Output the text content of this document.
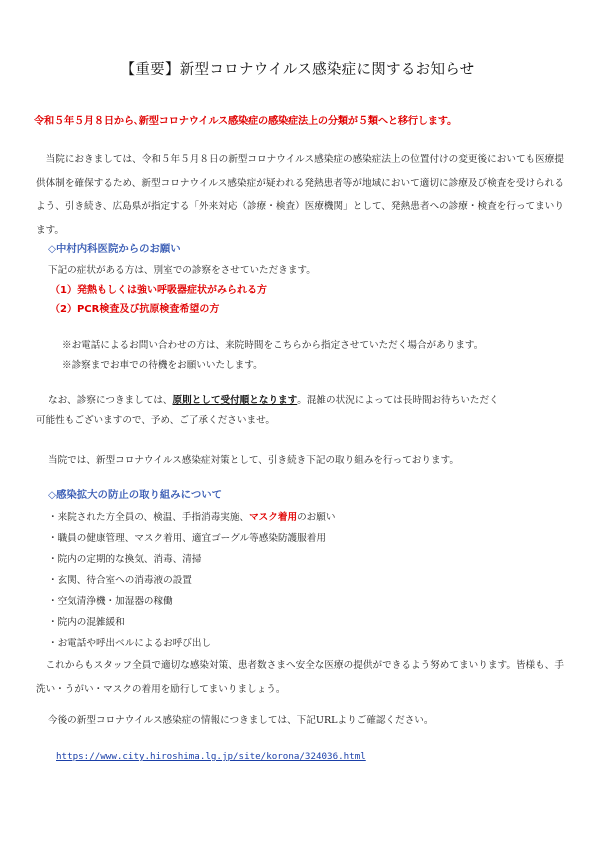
【重要】新型コロナウイルス感染症に関するお知らせ
令和５年５月８日から､新型コロナウイルス感染症の感染症法上の分類が５類へと移行します。
当院におきましては、令和５年５月８日の新型コロナウイルス感染症の感染症法上の位置付けの変更後においても医療提供体制を確保するため、新型コロナウイルス感染症が疑われる発熱患者等が地域において適切に診療及び検査を受けられるよう、引き続き、広島県が指定する「外来対応（診療・検査）医療機関」として、発熱患者への診療・検査を行ってまいります。
◇中村内科医院からのお願い
下記の症状がある方は、別室での診察をさせていただきます。
（1）発熱もしくは強い呼吸器症状がみられる方
（2）PCR検査及び抗原検査希望の方
※お電話によるお問い合わせの方は、来院時間をこちらから指定させていただく場合があります。
※診察までお車での待機をお願いいたします。
なお、診察につきましては、原則として受付順となります。混雑の状況によっては長時間お待ちいただく
可能性もございますので、予め、ご了承くださいませ。
当院では、新型コロナウイルス感染症対策として、引き続き下記の取り組みを行っております。
◇感染拡大の防止の取り組みについて
・来院された方全員の、検温、手指消毒実施、マスク着用のお願い
・職員の健康管理、マスク着用、適宜ゴーグル等感染防護服着用
・院内の定期的な換気、消毒、清掃
・玄関、待合室への消毒液の設置
・空気清浄機・加湿器の稼働
・院内の混雑緩和
・お電話や呼出ベルによるお呼び出し
これからもスタッフ全員で適切な感染対策、患者数さまへ安全な医療の提供ができるよう努めてまいります。皆様も、手洗い・うがい・マスクの着用を励行してまいりましょう。
今後の新型コロナウイルス感染症の情報につきましては、下記URLよりご確認ください。
https://www.city.hiroshima.lg.jp/site/korona/324036.html
